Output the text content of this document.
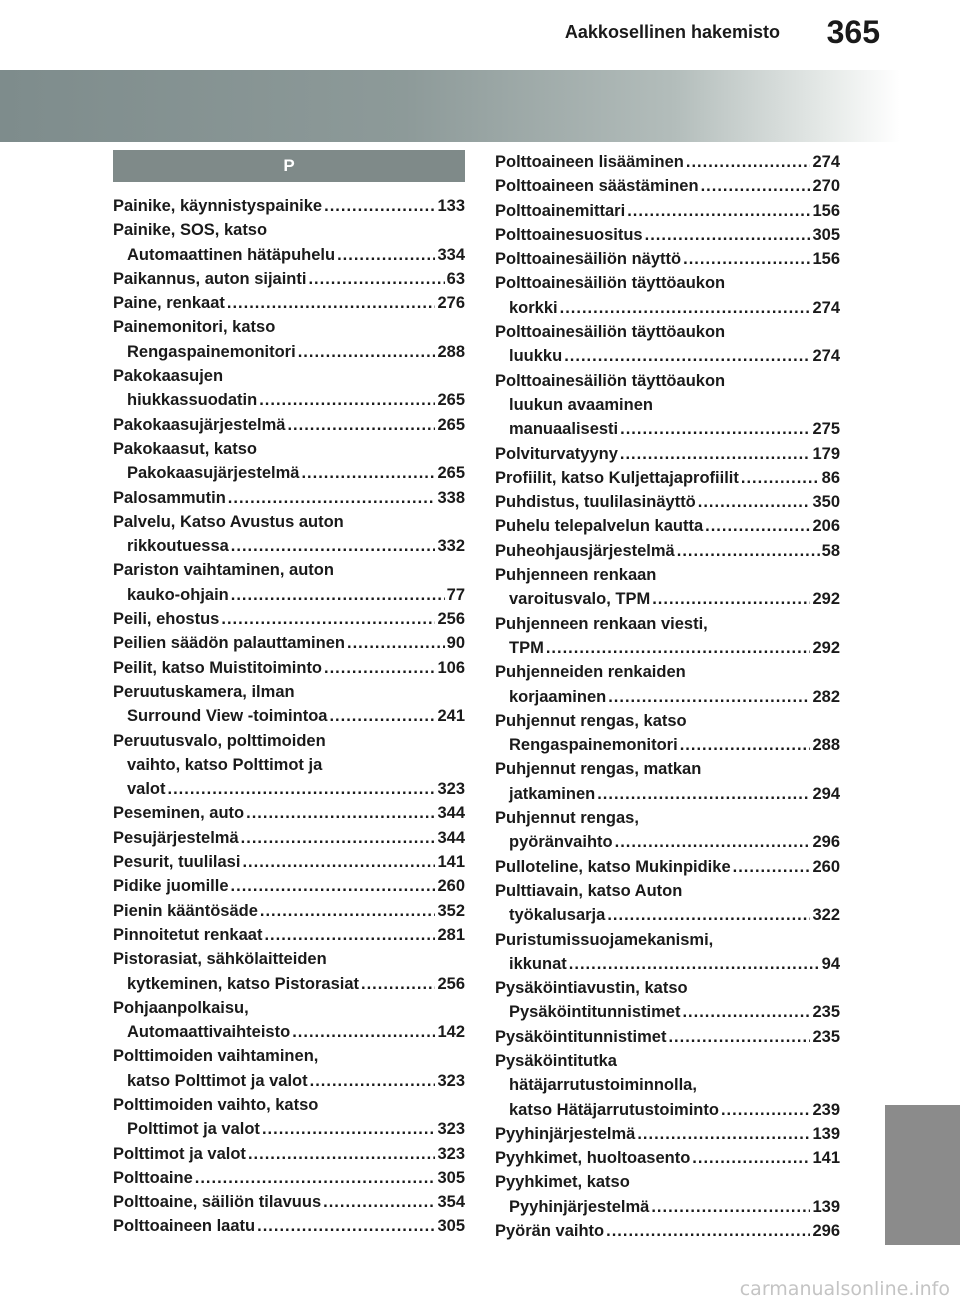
Aakkosellinen hakemisto 365
P
Painike, käynnistyspainike .....	133
Painike, SOS, katso
Automaattinen hätäpuhelu .....	334
Paikannus, auton sijainti .....	63
Paine, renkaat .....	276
Painemonitori, katso
Rengaspainemonitori .....	288
Pakokaasujen
hiukkassuodatin .....	265
Pakokaasujärjestelmä .....	265
Pakokaasut, katso
Pakokaasujärjestelmä .....	265
Palosammutin .....	338
Palvelu, Katso Avustus auton
rikkoutuessa .....	332
Pariston vaihtaminen, auton
kauko-ohjain .....	77
Peili, ehostus .....	256
Peilien säädön palauttaminen .....	90
Peilit, katso Muistitoiminto .....	106
Peruutuskamera, ilman
Surround View -toimintoa .....	241
Peruutusvalo, polttimoiden
vaihto, katso Polttimot ja
valot .....	323
Peseminen, auto .....	344
Pesujärjestelmä .....	344
Pesurit, tuulilasi .....	141
Pidike juomille .....	260
Pienin kääntösäde .....	352
Pinnoitetut renkaat .....	281
Pistorasiat, sähkölaitteiden
kytkeminen, katso Pistorasiat .....	256
Pohjaanpolkaisu,
Automaattivaihteisto .....	142
Polttimoiden vaihtaminen,
katso Polttimot ja valot .....	323
Polttimoiden vaihto, katso
Polttimot ja valot .....	323
Polttimot ja valot .....	323
Polttoaine .....	305
Polttoaine, säiliön tilavuus .....	354
Polttoaineen laatu .....	305
Polttoaineen lisääminen .....	274
Polttoaineen säästäminen .....	270
Polttoainemittari .....	156
Polttoainesuositus .....	305
Polttoainesäiliön näyttö .....	156
Polttoainesäiliön täyttöaukon
korkki .....	274
Polttoainesäiliön täyttöaukon
luukku .....	274
Polttoainesäiliön täyttöaukon
luukun avaaminen
manuaalisesti .....	275
Polviturvatyyny .....	179
Profiilit, katso Kuljettajaprofiilit .....	86
Puhdistus, tuulilasinäyttö .....	350
Puhelu telepalvelun kautta .....	206
Puheohjausjärjestelmä .....	58
Puhjenneen renkaan
varoitusvalo, TPM .....	292
Puhjenneen renkaan viesti,
TPM .....	292
Puhjenneiden renkaiden
korjaaminen .....	282
Puhjennut rengas, katso
Rengaspainemonitori .....	288
Puhjennut rengas, matkan
jatkaminen .....	294
Puhjennut rengas,
pyöränvaihto .....	296
Pulloteline, katso Mukinpidike .....	260
Pulttiavain, katso Auton
työkalusarja .....	322
Puristumissuojamekanismi,
ikkunat .....	94
Pysäköintiavustin, katso
Pysäköintitunnistimet .....	235
Pysäköintitunnistimet .....	235
Pysäköintitutka
hätäjarrutustoiminnolla,
katso Hätäjarrutustoiminto .....	239
Pyyhinjärjestelmä .....	139
Pyyhkimet, huoltoasento .....	141
Pyyhkimet, katso
Pyyhinjärjestelmä .....	139
Pyörän vaihto .....	296
carmanualsonline.info
